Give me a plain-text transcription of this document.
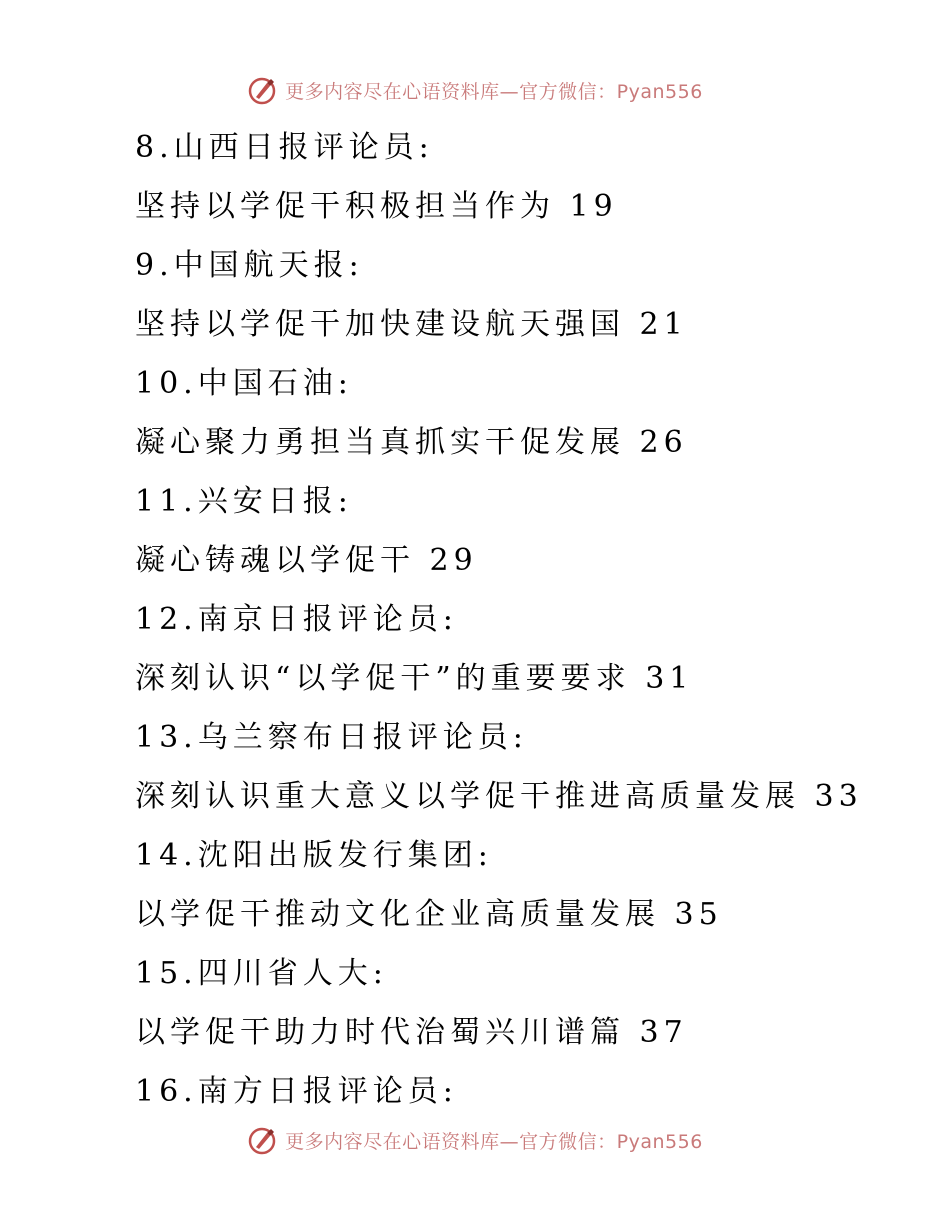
更多内容尽在心语资料库—官方微信：Pyan556
8.山西日报评论员:
坚持以学促干积极担当作为 19
9.中国航天报:
坚持以学促干加快建设航天强国 21
10.中国石油:
凝心聚力勇担当真抓实干促发展 26
11.兴安日报:
凝心铸魂以学促干 29
12.南京日报评论员:
深刻认识“以学促干”的重要要求 31
13.乌兰察布日报评论员:
深刻认识重大意义以学促干推进高质量发展 33
14.沈阳出版发行集团:
以学促干推动文化企业高质量发展 35
15.四川省人大:
以学促干助力时代治蜀兴川谱篇 37
16.南方日报评论员:
更多内容尽在心语资料库—官方微信：Pyan556
